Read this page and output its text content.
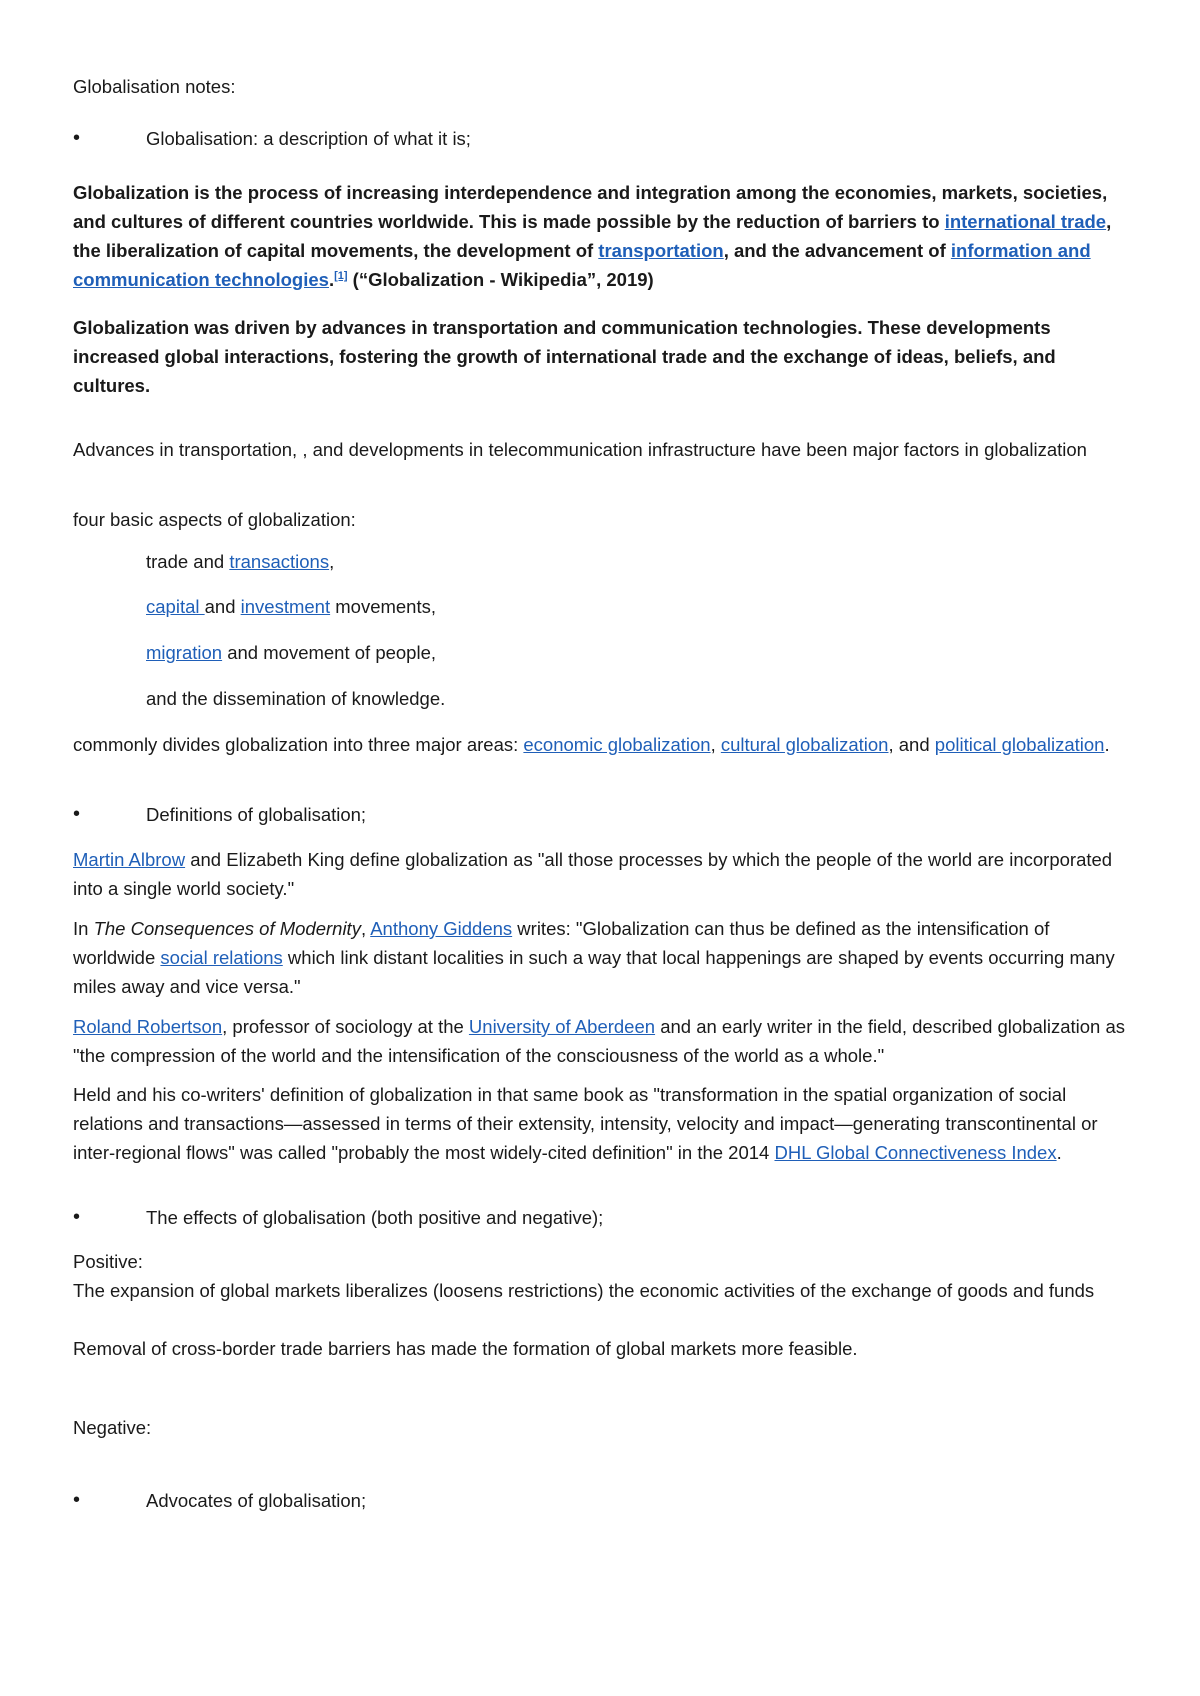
Globalisation notes:
•	Globalisation: a description of what it is;

Globalization is the process of increasing interdependence and integration among the economies, markets, societies, and cultures of different countries worldwide. This is made possible by the reduction of barriers to international trade, the liberalization of capital movements, the development of transportation, and the advancement of information and communication technologies.[1] (“Globalization - Wikipedia”, 2019)

Globalization was driven by advances in transportation and communication technologies. These developments increased global interactions, fostering the growth of international trade and the exchange of ideas, beliefs, and cultures.

Advances in transportation, , and developments in telecommunication infrastructure have been major factors in globalization

four basic aspects of globalization:
trade and transactions,
capital and investment movements,
migration and movement of people,
and the dissemination of knowledge.

commonly divides globalization into three major areas: economic globalization, cultural globalization, and political globalization.

•	Definitions of globalisation;

Martin Albrow and Elizabeth King define globalization as "all those processes by which the people of the world are incorporated into a single world society."

In The Consequences of Modernity, Anthony Giddens writes: "Globalization can thus be defined as the intensification of worldwide social relations which link distant localities in such a way that local happenings are shaped by events occurring many miles away and vice versa."

Roland Robertson, professor of sociology at the University of Aberdeen and an early writer in the field, described globalization as "the compression of the world and the intensification of the consciousness of the world as a whole."

Held and his co-writers' definition of globalization in that same book as "transformation in the spatial organization of social relations and transactions—assessed in terms of their extensity, intensity, velocity and impact—generating transcontinental or inter-regional flows" was called "probably the most widely-cited definition" in the 2014 DHL Global Connectiveness Index.

•	The effects of globalisation (both positive and negative);
Positive:

The expansion of global markets liberalizes (loosens restrictions) the economic activities of the exchange of goods and funds

Removal of cross-border trade barriers has made the formation of global markets more feasible.
Negative:
•	Advocates of globalisation;
